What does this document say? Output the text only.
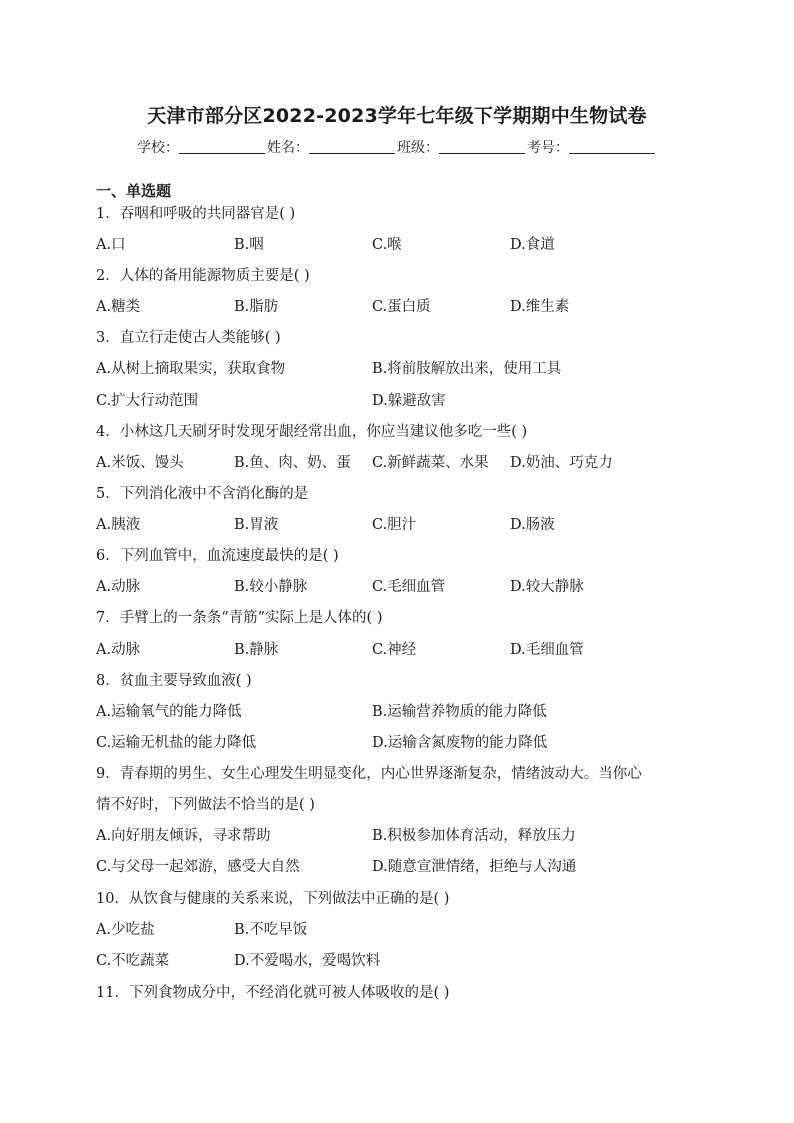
天津市部分区2022-2023学年七年级下学期期中生物试卷
学校：	姓名：	班级：	考号：
一、单选题
1．吞咽和呼吸的共同器官是( )
A.口	B.咽	C.喉	D.食道
2．人体的备用能源物质主要是( )
A.糖类	B.脂肪	C.蛋白质	D.维生素
3．直立行走使古人类能够( )
A.从树上摘取果实，获取食物	B.将前肢解放出来，使用工具
C.扩大行动范围	D.躲避敌害
4．小林这几天刷牙时发现牙龈经常出血，你应当建议他多吃一些( )
A.米饭、馒头	B.鱼、肉、奶、蛋 C.新鲜蔬菜、水果 D.奶油、巧克力
5．下列消化液中不含消化酶的是
A.胰液	B.胃液	C.胆汁	D.肠液
6．下列血管中，血流速度最快的是( )
A.动脉	B.较小静脉	C.毛细血管	D.较大静脉
7．手臂上的一条条“青筋”实际上是人体的( )
A.动脉	B.静脉	C.神经	D.毛细血管
8．贫血主要导致血液( )
A.运输氧气的能力降低	B.运输营养物质的能力降低
C.运输无机盐的能力降低	D.运输含氮废物的能力降低
9．青春期的男生、女生心理发生明显变化，内心世界逐渐复杂，情绪波动大。当你心
情不好时，下列做法不恰当的是( )
A.向好朋友倾诉，寻求帮助	B.积极参加体育活动，释放压力
C.与父母一起郊游，感受大自然	D.随意宣泄情绪，拒绝与人沟通
10．从饮食与健康的关系来说，下列做法中正确的是( )
A.少吃盐	B.不吃早饭
C.不吃蔬菜	D.不爱喝水，爱喝饮料
11．下列食物成分中，不经消化就可被人体吸收的是( )
